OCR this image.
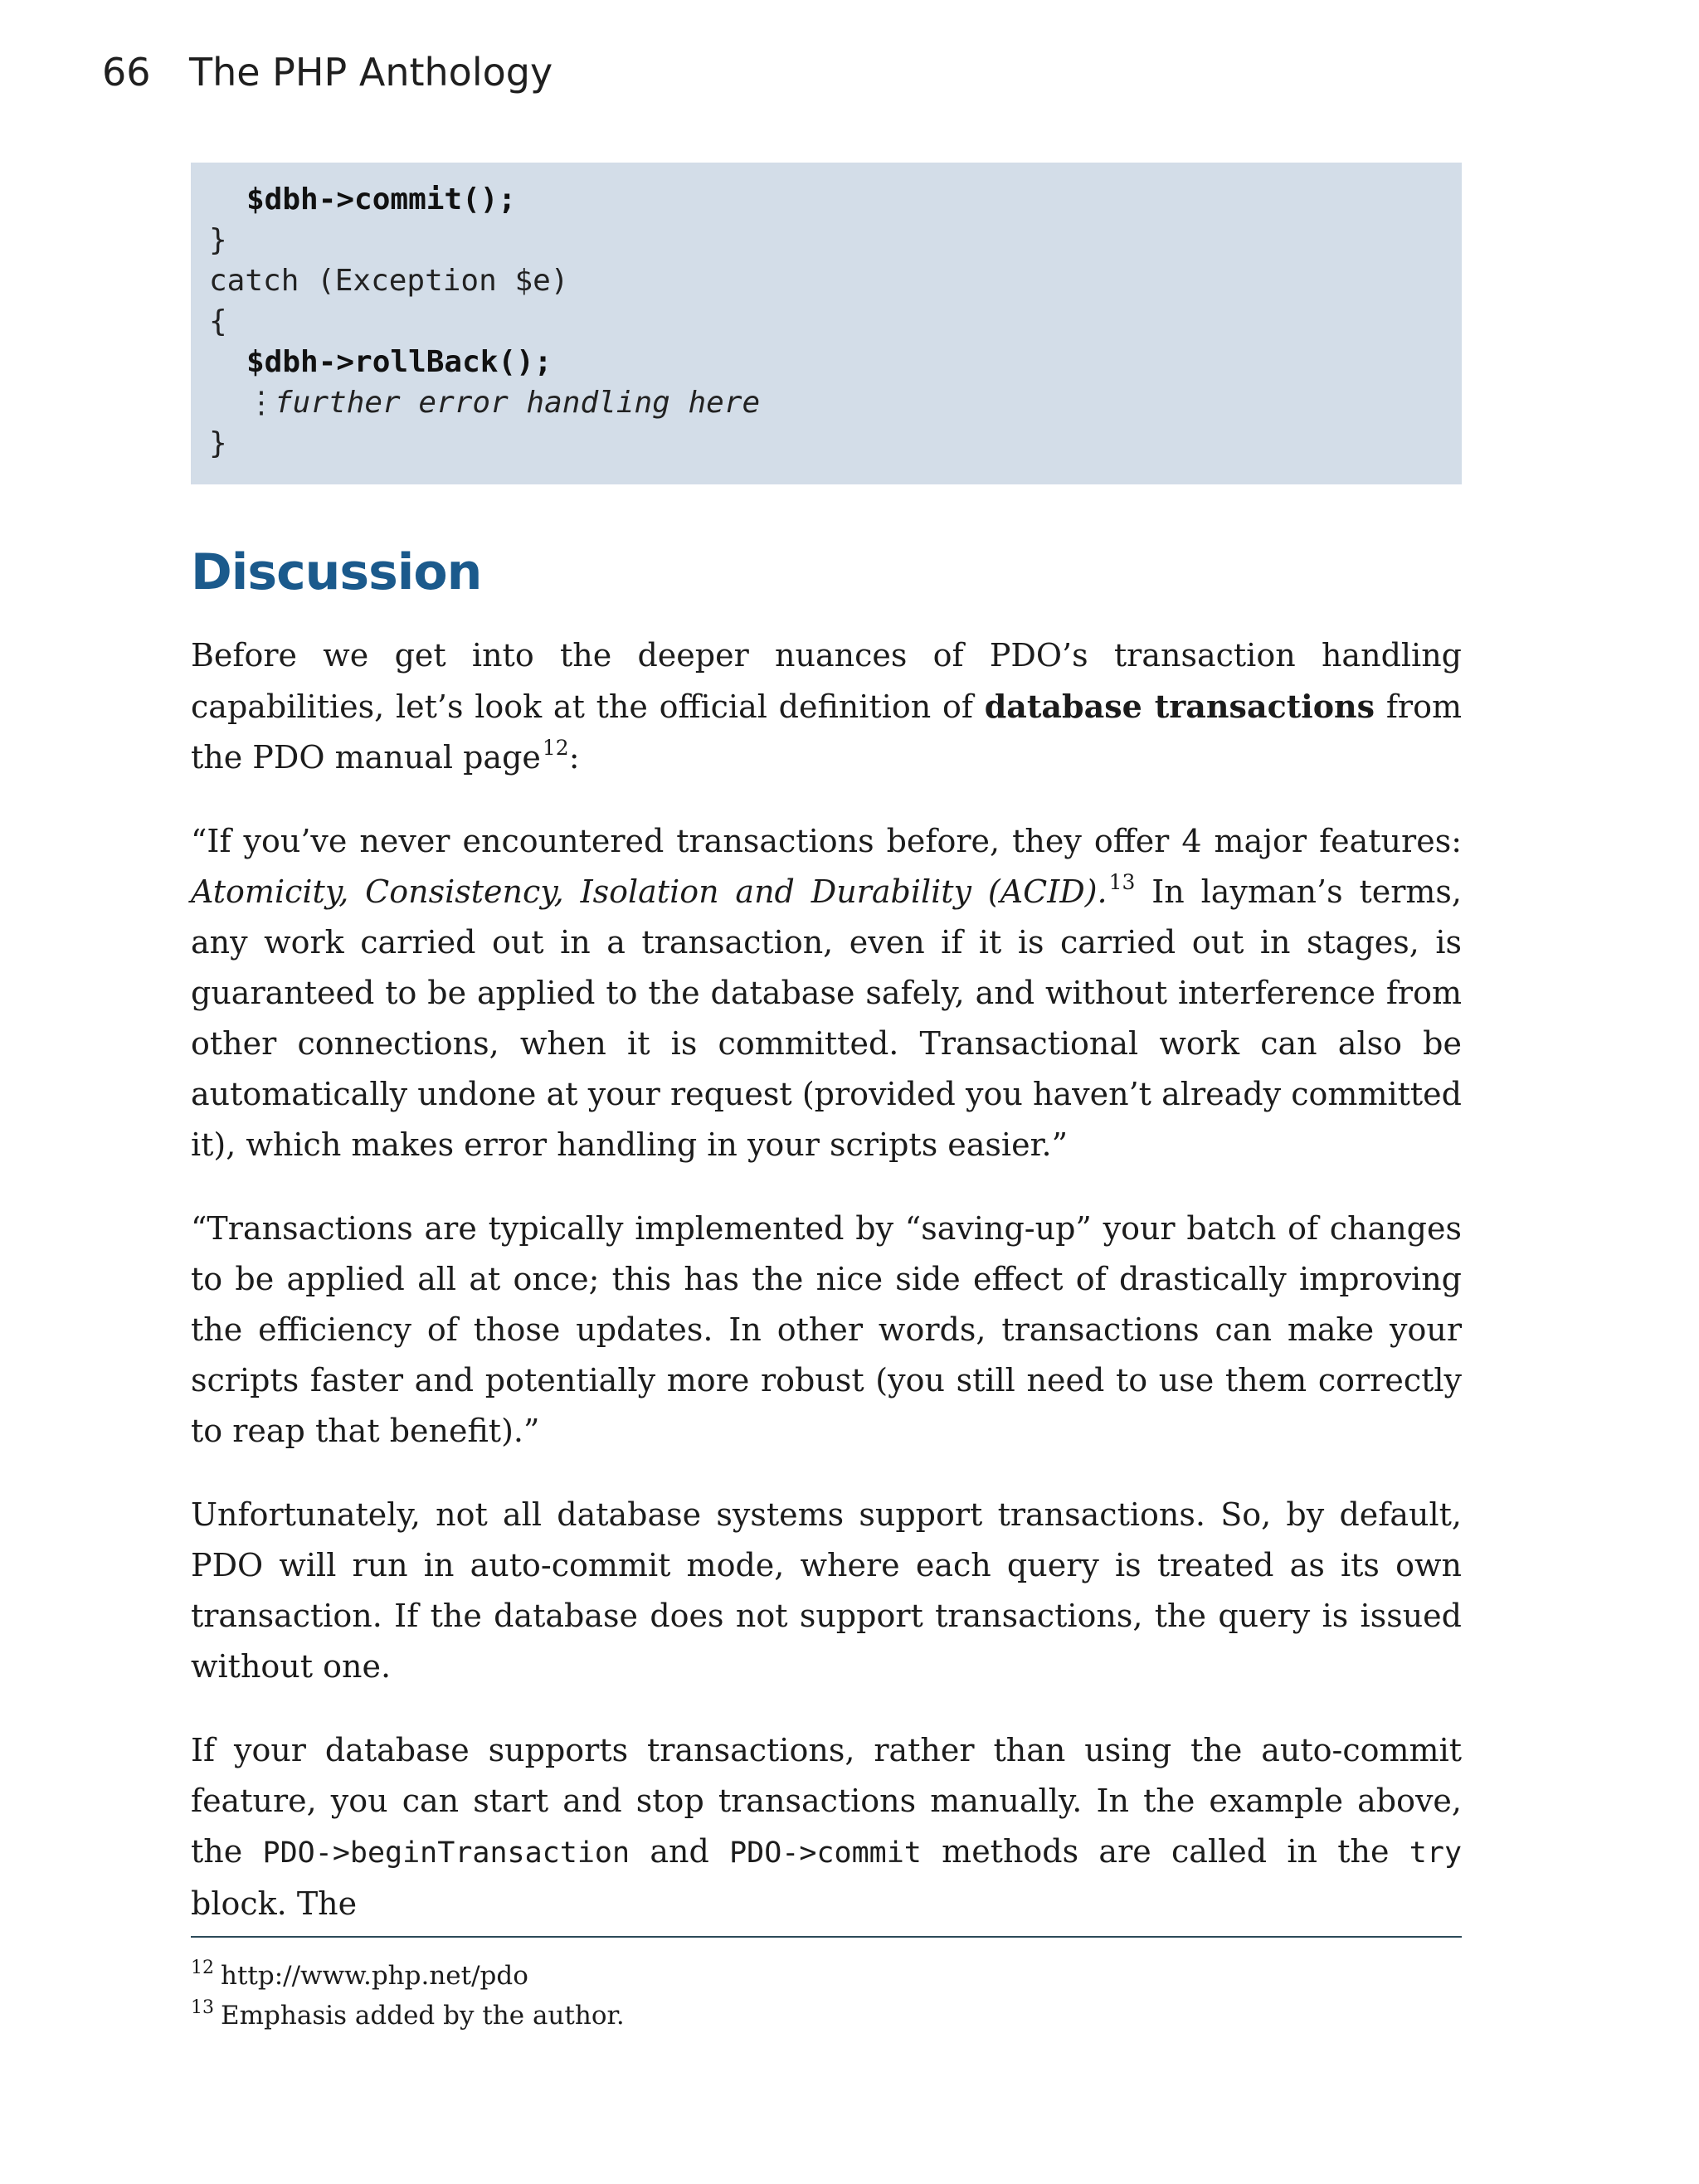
66 The PHP Anthology
$dbh->commit();
}
catch (Exception $e)
{
$dbh->rollBack();
⋮further error handling here
}
Discussion

Before we get into the deeper nuances of PDO’s transaction handling capabilities, let’s look at the official definition of database transactions from the PDO manual page$^{12}$:

“If you’ve never encountered transactions before, they offer 4 major features: Atomicity, Consistency, Isolation and Durability (ACID).$^{13}$ In layman’s terms, any work carried out in a transaction, even if it is carried out in stages, is guaranteed to be applied to the database safely, and without interference from other connections, when it is committed. Transactional work can also be automatically undone at your request (provided you haven’t already committed it), which makes error handling in your scripts easier.”

“Transactions are typically implemented by “saving-up” your batch of changes to be applied all at once; this has the nice side effect of drastically improving the efficiency of those updates. In other words, transactions can make your scripts faster and potentially more robust (you still need to use them correctly to reap that benefit).”

Unfortunately, not all database systems support transactions. So, by default, PDO will run in auto-commit mode, where each query is treated as its own transaction. If the database does not support transactions, the query is issued without one.

If your database supports transactions, rather than using the auto-commit feature, you can start and stop transactions manually. In the example above, the PDO->beginTransaction and PDO->commit methods are called in the try block. The

$^{12}$ http://www.php.net/pdo
$^{13}$ Emphasis added by the author.
